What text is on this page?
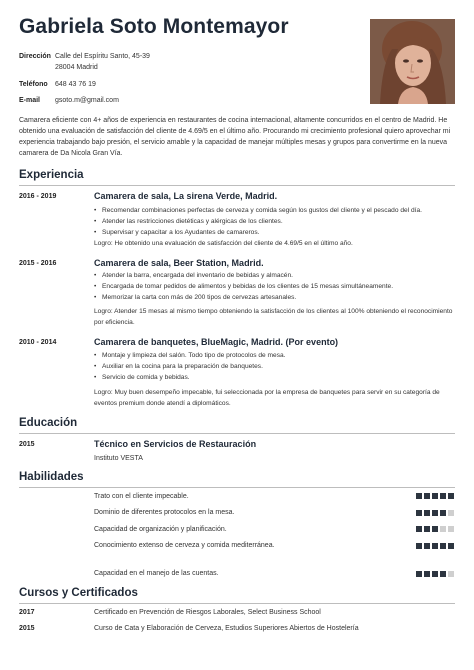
Gabriela Soto Montemayor
Dirección Calle del Espíritu Santo, 45-39
28004 Madrid
Teléfono 648 43 76 19
E-mail gsoto.m@gmail.com
Camarera eficiente con 4+ años de experiencia en restaurantes de cocina internacional, altamente concurridos en el centro de Madrid. He obtenido una evaluación de satisfacción del cliente de 4.69/5 en el último año. Procurando mi crecimiento profesional quiero aprovechar mi experiencia trabajando bajo presión, el servicio amable y la capacidad de manejar múltiples mesas y grupos para convertirme en la nueva camarera de Da Nicola Gran Vía.
Experiencia
2016 - 2019	Camarera de sala, La sirena Verde, Madrid.
• Recomendar combinaciones perfectas de cerveza y comida según los gustos del cliente y el pescado del día.
• Atender las restricciones dietéticas y alérgicas de los clientes.
• Supervisar y capacitar a los Ayudantes de camareros.
Logro: He obtenido una evaluación de satisfacción del cliente de 4.69/5 en el último año.
2015 - 2016	Camarera de sala, Beer Station, Madrid.
• Atender la barra, encargada del inventario de bebidas y almacén.
• Encargada de tomar pedidos de alimentos y bebidas de los clientes de 15 mesas simultáneamente.
• Memorizar la carta con más de 200 tipos de cervezas artesanales.
Logro: Atender 15 mesas al mismo tiempo obteniendo la satisfacción de los clientes al 100% obteniendo el reconocimiento por eficiencia.
2010 - 2014	Camarera de banquetes, BlueMagic, Madrid. (Por evento)
• Montaje y limpieza del salón. Todo tipo de protocolos de mesa.
• Auxiliar en la cocina para la preparación de banquetes.
• Servicio de comida y bebidas.
Logro: Muy buen desempeño impecable, fui seleccionada por la empresa de banquetes para servir en su categoría de eventos premium donde atendí a diplomáticos.
Educación
2015	Técnico en Servicios de Restauración
Instituto VESTA
Habilidades
Trato con el cliente impecable.
Dominio de diferentes protocolos en la mesa.
Capacidad de organización y planificación.
Conocimiento extenso de cerveza y comida mediterránea.
Capacidad en el manejo de las cuentas.
Cursos y Certificados
2017	Certificado en Prevención de Riesgos Laborales, Select Business School
2015	Curso de Cata y Elaboración de Cerveza, Estudios Superiores Abiertos de Hostelería
